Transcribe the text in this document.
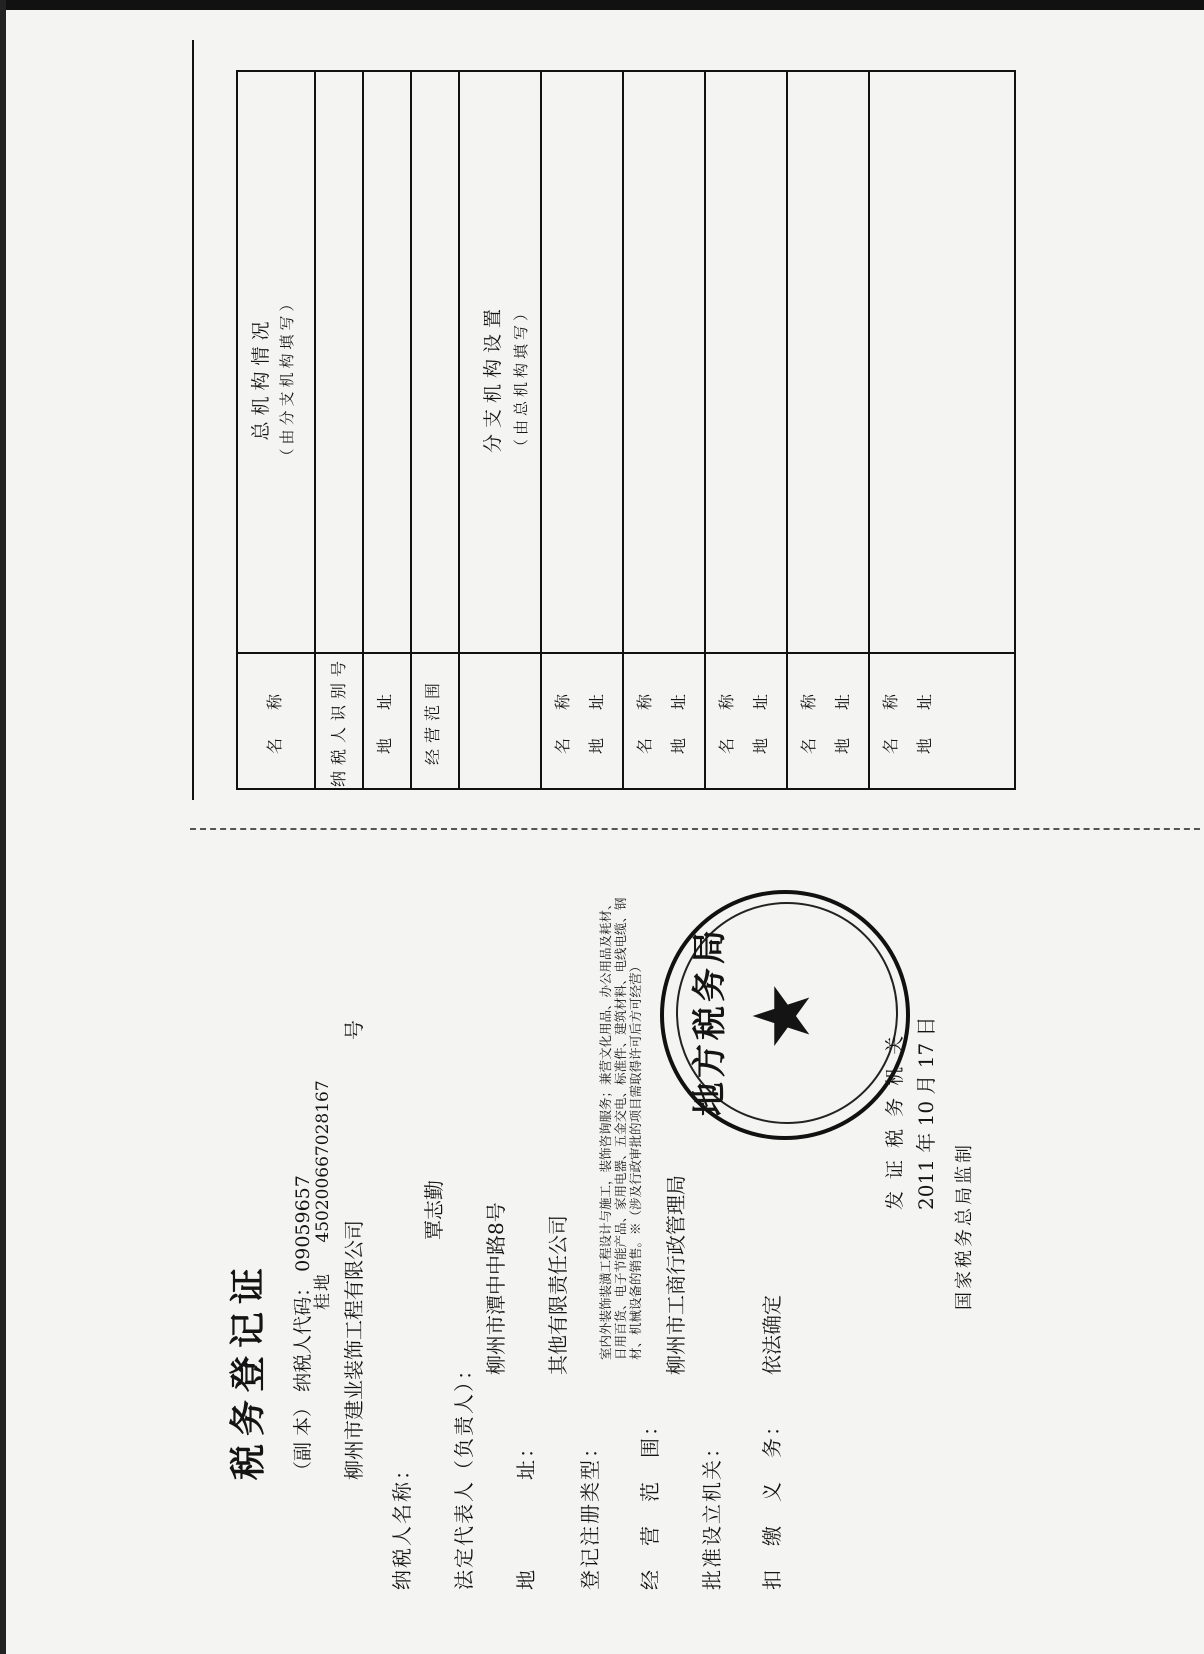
税务登记证 （副 本） 纳税人代码： 09059657
桂地 450200667028167
柳州市建业装饰工程有限公司
号
纳税人名称： 法定代表人（负责人）：
覃志勤
地　　　　址：
柳州市潭中中路8号
登记注册类型：
其他有限责任公司
经　营　范　围：
室内外装饰装潢工程设计与施工，装饰咨询服务；兼营文化用品、办公用品及耗材、日用百货、电子节能产品、家用电器、五金交电、标准件、建筑材料、电线电缆、钢材、机械设备的销售。※（涉及行政审批的项目需取得许可后方可经营） 柳州市工商行政管理局
批准设立机关： 扣　缴　义　务：
依法确定
地方税务局 ★
发 证 税 务 机 关 2011 年 10 月 17 日
国家税务总局监制
总机构情况 （由分支机构填写）
名　称	纳税人识别号 地　址 经营范围
分支机构设置 （由总机构填写）
名　称 地　址 名　称 地　址 名　称 地　址 名　称 地　址 名　称 地　址
